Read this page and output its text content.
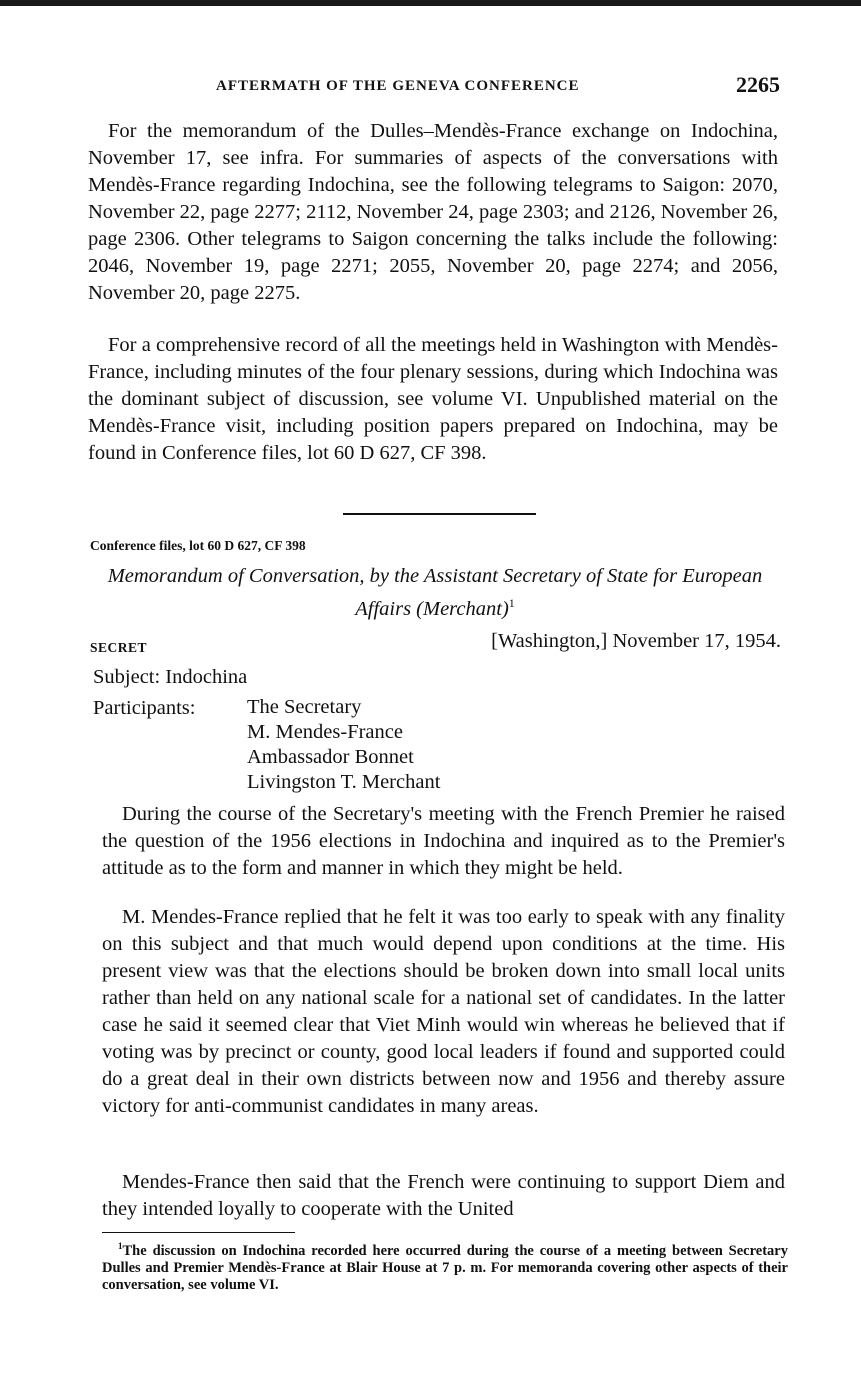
AFTERMATH OF THE GENEVA CONFERENCE	2265

For the memorandum of the Dulles–Mendès-France exchange on Indochina, November 17, see infra. For summaries of aspects of the conversations with Mendès-France regarding Indochina, see the following telegrams to Saigon: 2070, November 22, page 2277; 2112, November 24, page 2303; and 2126, November 26, page 2306. Other telegrams to Saigon concerning the talks include the following: 2046, November 19, page 2271; 2055, November 20, page 2274; and 2056, November 20, page 2275.

For a comprehensive record of all the meetings held in Washington with Mendès-France, including minutes of the four plenary sessions, during which Indochina was the dominant subject of discussion, see volume VI. Unpublished material on the Mendès-France visit, including position papers prepared on Indochina, may be found in Conference files, lot 60 D 627, CF 398.

Conference files, lot 60 D 627, CF 398
Memorandum of Conversation, by the Assistant Secretary of State for European Affairs (Merchant)$^1$
SECRET	[Washington,] November 17, 1954.
Subject: Indochina
Participants:	The Secretary
M. Mendes-France
Ambassador Bonnet
Livingston T. Merchant

During the course of the Secretary's meeting with the French Premier he raised the question of the 1956 elections in Indochina and inquired as to the Premier's attitude as to the form and manner in which they might be held.

M. Mendes-France replied that he felt it was too early to speak with any finality on this subject and that much would depend upon conditions at the time. His present view was that the elections should be broken down into small local units rather than held on any national scale for a national set of candidates. In the latter case he said it seemed clear that Viet Minh would win whereas he believed that if voting was by precinct or county, good local leaders if found and supported could do a great deal in their own districts between now and 1956 and thereby assure victory for anti-communist candidates in many areas.

Mendes-France then said that the French were continuing to support Diem and they intended loyally to cooperate with the United

$^1$The discussion on Indochina recorded here occurred during the course of a meeting between Secretary Dulles and Premier Mendès-France at Blair House at 7 p. m. For memoranda covering other aspects of their conversation, see volume VI.
